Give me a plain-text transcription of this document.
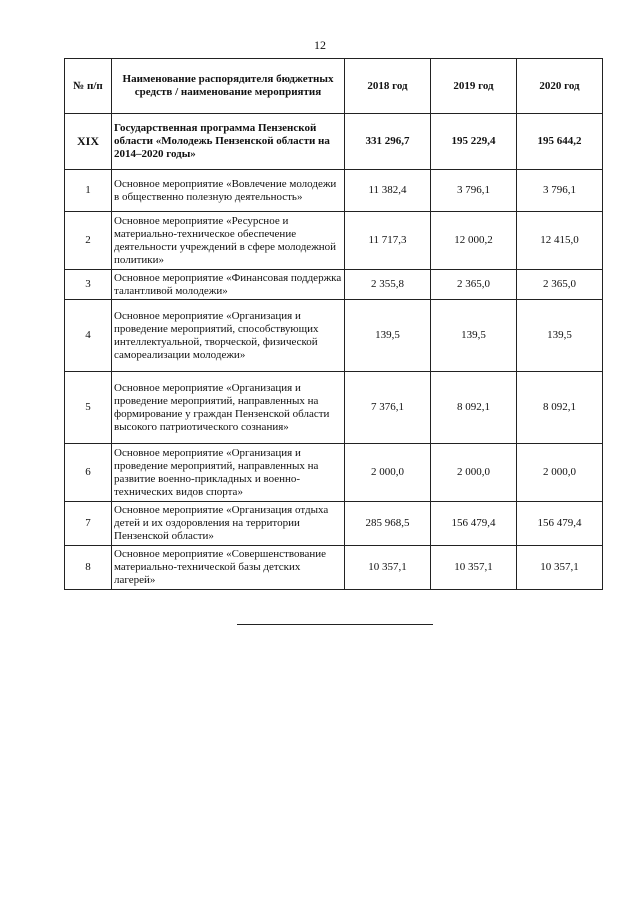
12
№ п/п	Наименование распорядителя бюджетных средств / наименование мероприятия	2018 год	2019 год	2020 год
XIX	Государственная программа Пензенской области «Молодежь Пензенской области на 2014–2020 годы»	331 296,7	195 229,4	195 644,2
1	Основное мероприятие «Вовлечение молодежи в общественно полезную деятельность»	11 382,4	3 796,1	3 796,1
2	Основное мероприятие «Ресурсное и материально-техническое обеспечение деятельности учреждений в сфере молодежной политики»	11 717,3	12 000,2	12 415,0
3	Основное мероприятие «Финансовая поддержка талантливой молодежи»	2 355,8	2 365,0	2 365,0
4	Основное мероприятие «Организация и проведение мероприятий, способствующих интеллектуальной, творческой, физической самореализации молодежи»	139,5	139,5	139,5
5	Основное мероприятие «Организация и проведение мероприятий, направленных на формирование у граждан Пензенской области высокого патриотического сознания»	7 376,1	8 092,1	8 092,1
6	Основное мероприятие «Организация и проведение мероприятий, направленных на развитие военно-прикладных и военно-технических видов спорта»	2 000,0	2 000,0	2 000,0
7	Основное мероприятие «Организация отдыха детей и их оздоровления на территории Пензенской области»	285 968,5	156 479,4	156 479,4
8	Основное мероприятие «Совершенствование материально-технической базы детских лагерей»	10 357,1	10 357,1	10 357,1
